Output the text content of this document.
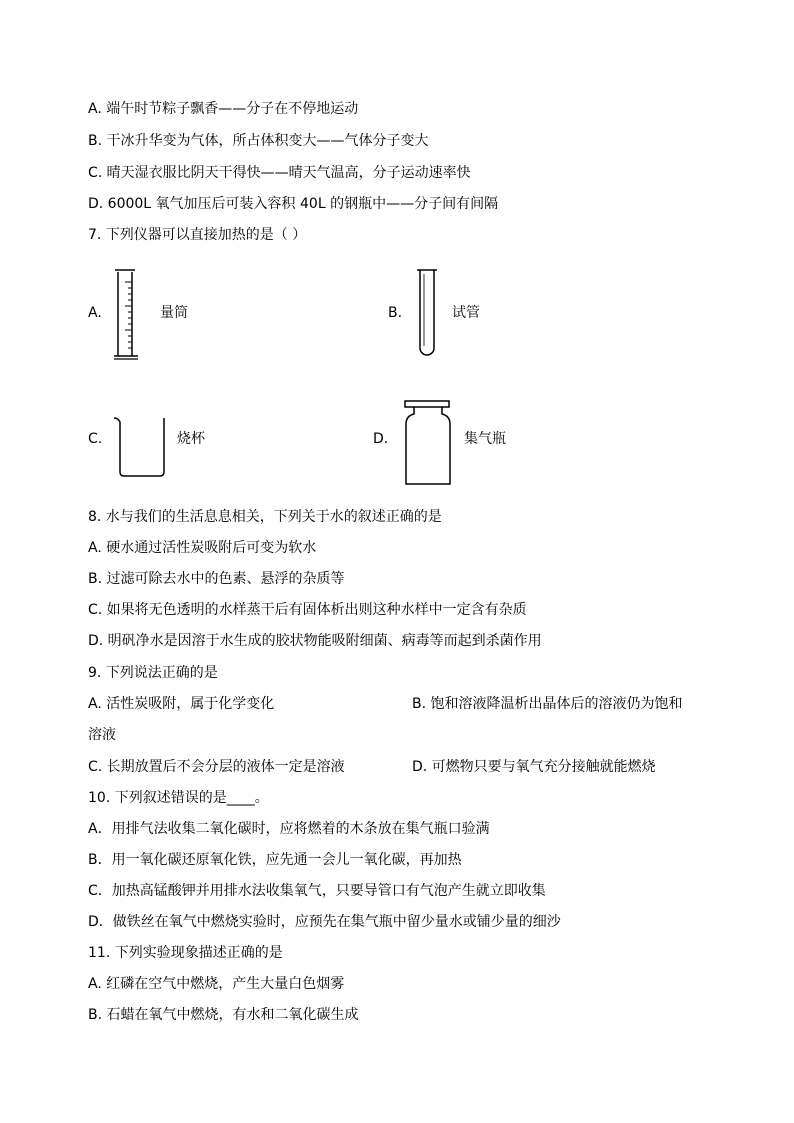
A. 端午时节粽子飘香——分子在不停地运动
B. 干冰升华变为气体，所占体积变大——气体分子变大
C. 晴天湿衣服比阴天干得快——晴天气温高，分子运动速率快
D. 6000L 氧气加压后可装入容积 40L 的钢瓶中——分子间有间隔
7. 下列仪器可以直接加热的是（ ）
A.	量筒	B.	试管
C.	烧杯	D.	集气瓶
8. 水与我们的生活息息相关，下列关于水的叙述正确的是
A. 硬水通过活性炭吸附后可变为软水
B. 过滤可除去水中的色素、悬浮的杂质等
C. 如果将无色透明的水样蒸干后有固体析出则这种水样中一定含有杂质
D. 明矾净水是因溶于水生成的胶状物能吸附细菌、病毒等而起到杀菌作用
9. 下列说法正确的是
A. 活性炭吸附，属于化学变化	B. 饱和溶液降温析出晶体后的溶液仍为饱和
溶液
C. 长期放置后不会分层的液体一定是溶液	D. 可燃物只要与氧气充分接触就能燃烧
10. 下列叙述错误的是____。
A．用排气法收集二氧化碳时，应将燃着的木条放在集气瓶口验满
B．用一氧化碳还原氧化铁，应先通一会儿一氧化碳，再加热
C．加热高锰酸钾并用排水法收集氧气，只要导管口有气泡产生就立即收集
D．做铁丝在氧气中燃烧实验时，应预先在集气瓶中留少量水或铺少量的细沙
11. 下列实验现象描述正确的是
A. 红磷在空气中燃烧，产生大量白色烟雾
B. 石蜡在氧气中燃烧，有水和二氧化碳生成
